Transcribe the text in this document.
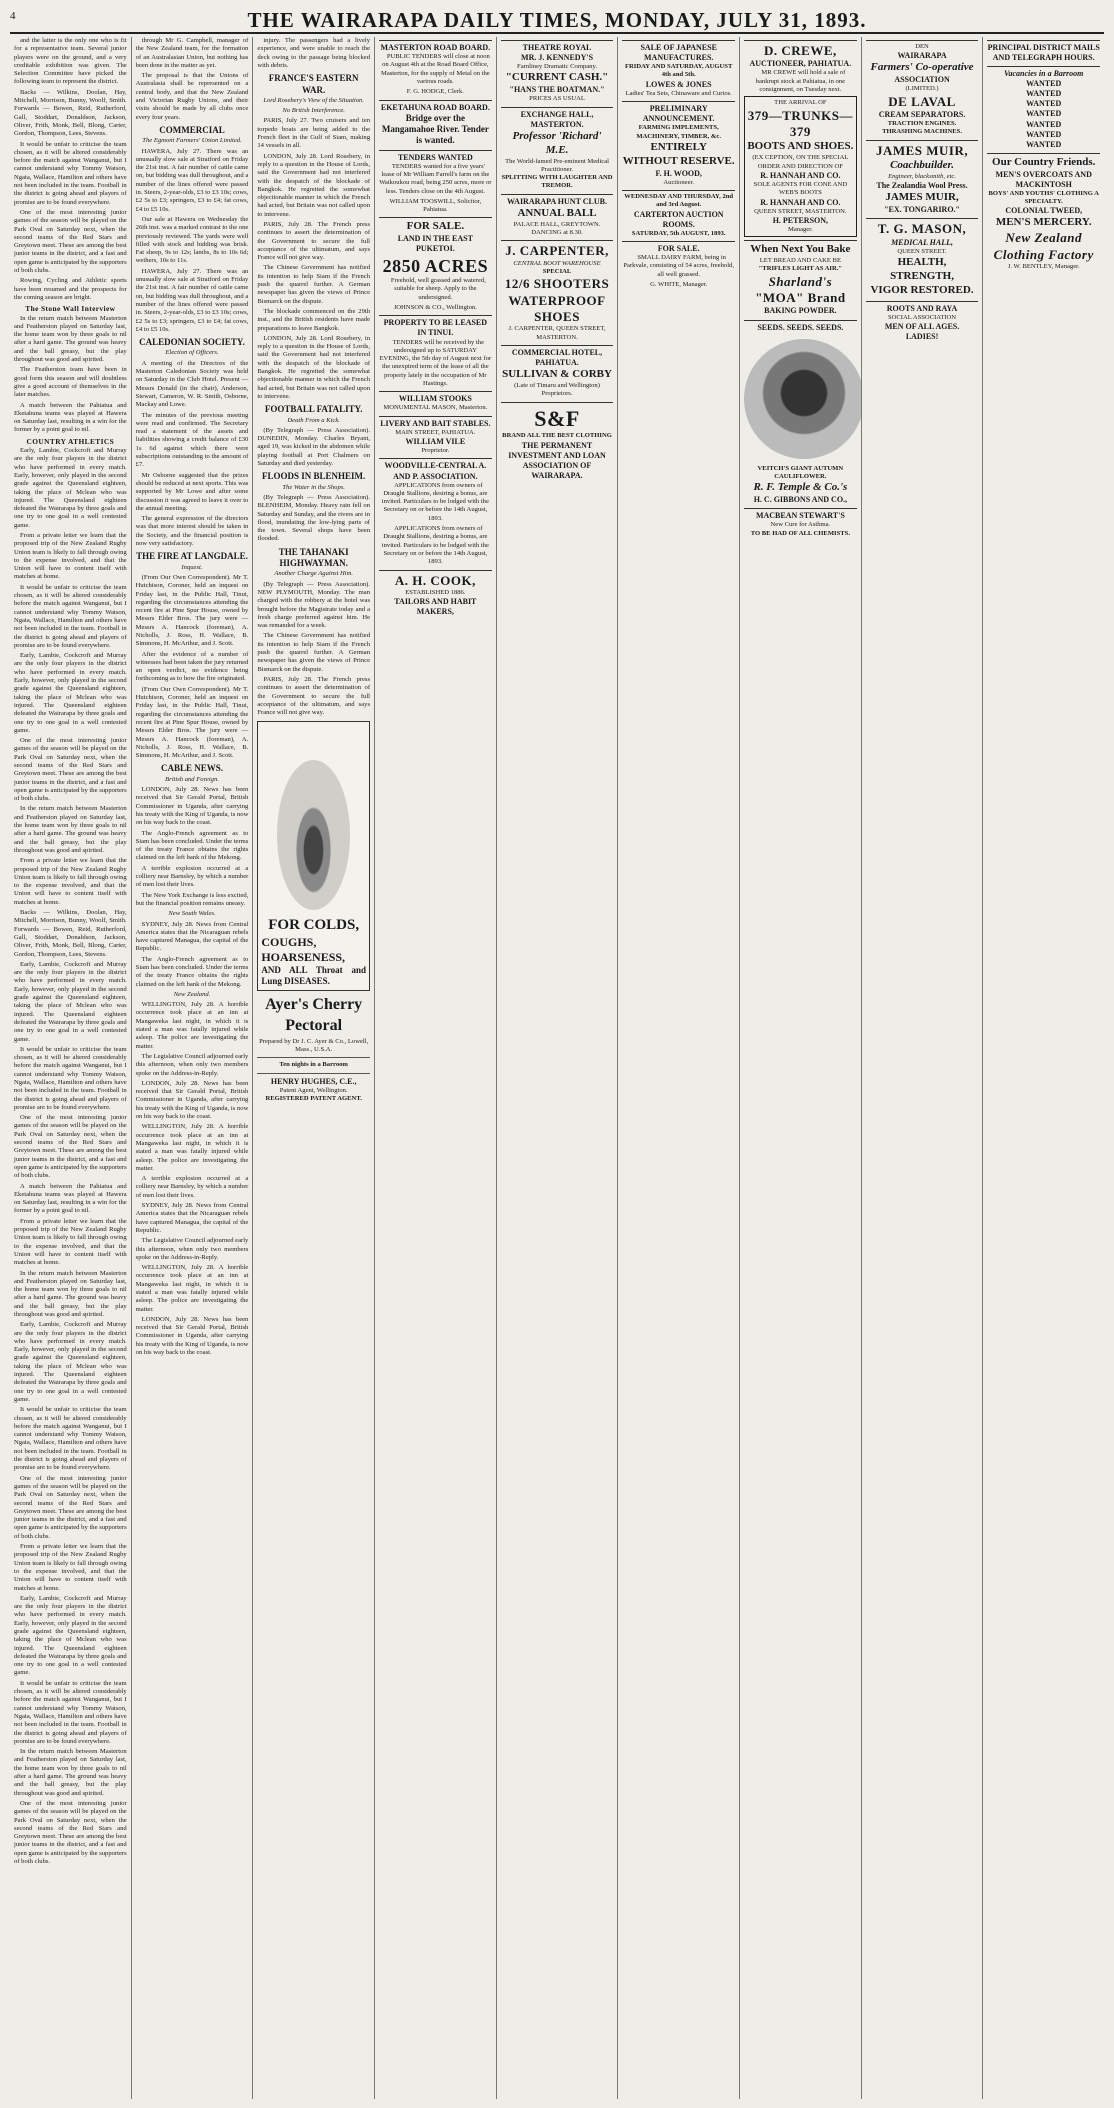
4	THE WAIRARAPA DAILY TIMES, MONDAY, JULY 31, 1893.

and the latter is the only one who is fit for a representative team. Several junior players were on the ground, and a very creditable exhibition was given. The Selection Committee have picked the following team to represent the district.

Backs — Wilkins, Doolan, Hay, Mitchell, Morrison, Bunny, Woolf, Smith. Forwards — Bowen, Reid, Rutherford, Gall, Stoddart, Donaldson, Jackson, Oliver, Frith, Monk, Bell, Blong, Carter, Gordon, Thompson, Lees, Stevens.

It would be unfair to criticise the team chosen, as it will be altered considerably before the match against Wanganui, but I cannot understand why Tommy Watson, Ngata, Wallace, Hamilton and others have not been included in the team. Football in the district is going ahead and players of promise are to be found everywhere.

One of the most interesting junior games of the season will be played on the Park Oval on Saturday next, when the second teams of the Red Stars and Greytown meet. These are among the best junior teams in the district, and a fast and open game is anticipated by the supporters of both clubs.

Rowing, Cycling and Athletic sports have been resumed and the prospects for the coming season are bright.

The Stone Wall Interview

In the return match between Masterton and Featherston played on Saturday last, the home team won by three goals to nil after a hard game. The ground was heavy and the ball greasy, but the play throughout was good and spirited.

The Featherston team have been in good form this season and will doubtless give a good account of themselves in the later matches.

A match between the Pahiatua and Eketahuna teams was played at Hawera on Saturday last, resulting in a win for the former by a point goal to nil.

COUNTRY ATHLETICS

Early, Lambie, Cockcroft and Murray are the only four players in the district who have performed in every match. Early, however, only played in the second grade against the Queensland eighteen, taking the place of Mclean who was injured. The Queensland eighteen defeated the Wairarapa by three goals and one try to one goal in a well contested game.

From a private letter we learn that the proposed trip of the New Zealand Rugby Union team is likely to fall through owing to the expense involved, and that the Union will have to content itself with matches at home.

It would be unfair to criticise the team chosen, as it will be altered considerably before the match against Wanganui, but I cannot understand why Tommy Watson, Ngata, Wallace, Hamilton and others have not been included in the team. Football in the district is going ahead and players of promise are to be found everywhere.

Early, Lambie, Cockcroft and Murray are the only four players in the district who have performed in every match. Early, however, only played in the second grade against the Queensland eighteen, taking the place of Mclean who was injured. The Queensland eighteen defeated the Wairarapa by three goals and one try to one goal in a well contested game.

One of the most interesting junior games of the season will be played on the Park Oval on Saturday next, when the second teams of the Red Stars and Greytown meet. These are among the best junior teams in the district, and a fast and open game is anticipated by the supporters of both clubs.

In the return match between Masterton and Featherston played on Saturday last, the home team won by three goals to nil after a hard game. The ground was heavy and the ball greasy, but the play throughout was good and spirited.

From a private letter we learn that the proposed trip of the New Zealand Rugby Union team is likely to fall through owing to the expense involved, and that the Union will have to content itself with matches at home.

Backs — Wilkins, Doolan, Hay, Mitchell, Morrison, Bunny, Woolf, Smith. Forwards — Bowen, Reid, Rutherford, Gall, Stoddart, Donaldson, Jackson, Oliver, Frith, Monk, Bell, Blong, Carter, Gordon, Thompson, Lees, Stevens.

Early, Lambie, Cockcroft and Murray are the only four players in the district who have performed in every match. Early, however, only played in the second grade against the Queensland eighteen, taking the place of Mclean who was injured. The Queensland eighteen defeated the Wairarapa by three goals and one try to one goal in a well contested game.

It would be unfair to criticise the team chosen, as it will be altered considerably before the match against Wanganui, but I cannot understand why Tommy Watson, Ngata, Wallace, Hamilton and others have not been included in the team. Football in the district is going ahead and players of promise are to be found everywhere.

One of the most interesting junior games of the season will be played on the Park Oval on Saturday next, when the second teams of the Red Stars and Greytown meet. These are among the best junior teams in the district, and a fast and open game is anticipated by the supporters of both clubs.

A match between the Pahiatua and Eketahuna teams was played at Hawera on Saturday last, resulting in a win for the former by a point goal to nil.

From a private letter we learn that the proposed trip of the New Zealand Rugby Union team is likely to fall through owing to the expense involved, and that the Union will have to content itself with matches at home.

In the return match between Masterton and Featherston played on Saturday last, the home team won by three goals to nil after a hard game. The ground was heavy and the ball greasy, but the play throughout was good and spirited.

Early, Lambie, Cockcroft and Murray are the only four players in the district who have performed in every match. Early, however, only played in the second grade against the Queensland eighteen, taking the place of Mclean who was injured. The Queensland eighteen defeated the Wairarapa by three goals and one try to one goal in a well contested game.

It would be unfair to criticise the team chosen, as it will be altered considerably before the match against Wanganui, but I cannot understand why Tommy Watson, Ngata, Wallace, Hamilton and others have not been included in the team. Football in the district is going ahead and players of promise are to be found everywhere.

One of the most interesting junior games of the season will be played on the Park Oval on Saturday next, when the second teams of the Red Stars and Greytown meet. These are among the best junior teams in the district, and a fast and open game is anticipated by the supporters of both clubs.

From a private letter we learn that the proposed trip of the New Zealand Rugby Union team is likely to fall through owing to the expense involved, and that the Union will have to content itself with matches at home.

Early, Lambie, Cockcroft and Murray are the only four players in the district who have performed in every match. Early, however, only played in the second grade against the Queensland eighteen, taking the place of Mclean who was injured. The Queensland eighteen defeated the Wairarapa by three goals and one try to one goal in a well contested game.

It would be unfair to criticise the team chosen, as it will be altered considerably before the match against Wanganui, but I cannot understand why Tommy Watson, Ngata, Wallace, Hamilton and others have not been included in the team. Football in the district is going ahead and players of promise are to be found everywhere.

In the return match between Masterton and Featherston played on Saturday last, the home team won by three goals to nil after a hard game. The ground was heavy and the ball greasy, but the play throughout was good and spirited.

One of the most interesting junior games of the season will be played on the Park Oval on Saturday next, when the second teams of the Red Stars and Greytown meet. These are among the best junior teams in the district, and a fast and open game is anticipated by the supporters of both clubs.

through Mr G. Campbell, manager of the New Zealand team, for the formation of an Australasian Union, but nothing has been done in the matter as yet.

The proposal is that the Unions of Australasia shall be represented on a central body, and that the New Zealand and Victorian Rugby Unions, and their visits should be made by all clubs once every four years.

COMMERCIAL
The Egmont Farmers' Union Limited.

HAWERA, July 27. There was an unusually slow sale at Stratford on Friday the 21st inst. A fair number of cattle came on, but bidding was dull throughout, and a number of the lines offered were passed in. Steers, 2-year-olds, £3 to £3 10s; cows, £2 5s to £3; springers, £3 to £4; fat cows, £4 to £5 10s.

Our sale at Hawera on Wednesday the 26th inst. was a marked contrast to the one previously reviewed. The yards were well filled with stock and bidding was brisk. Fat sheep, 9s to 12s; lambs, 8s to 10s 6d; wethers, 10s to 11s.

HAWERA, July 27. There was an unusually slow sale at Stratford on Friday the 21st inst. A fair number of cattle came on, but bidding was dull throughout, and a number of the lines offered were passed in. Steers, 2-year-olds, £3 to £3 10s; cows, £2 5s to £3; springers, £3 to £4; fat cows, £4 to £5 10s.

CALEDONIAN SOCIETY.
Election of Officers.

A meeting of the Directors of the Masterton Caledonian Society was held on Saturday in the Club Hotel. Present — Messrs Donald (in the chair), Anderson, Stewart, Cameron, W. R. Smith, Osborne, Mackay and Lowe.

The minutes of the previous meeting were read and confirmed. The Secretary read a statement of the assets and liabilities showing a credit balance of £30 1s 6d against which there were subscriptions outstanding to the amount of £7.

Mr Osborne suggested that the prizes should be reduced at next sports. This was supported by Mr Lowe and after some discussion it was agreed to leave it over to the annual meeting.

The general expression of the directors was that more interest should be taken in the Society, and the financial position is now very satisfactory.

THE FIRE AT LANGDALE.
Inquest.

(From Our Own Correspondent). Mr T. Hutchison, Coroner, held an inquest on Friday last, in the Public Hall, Tinui, regarding the circumstances attending the recent fire at Pine Spur House, owned by Messrs Elder Bros. The jury were — Messrs A. Hancock (foreman), A. Nicholls, J. Ross, H. Wallace, B. Simmons, H. McArthur, and J. Scott.

After the evidence of a number of witnesses had been taken the jury returned an open verdict, no evidence being forthcoming as to how the fire originated.

(From Our Own Correspondent). Mr T. Hutchison, Coroner, held an inquest on Friday last, in the Public Hall, Tinui, regarding the circumstances attending the recent fire at Pine Spur House, owned by Messrs Elder Bros. The jury were — Messrs A. Hancock (foreman), A. Nicholls, J. Ross, H. Wallace, B. Simmons, H. McArthur, and J. Scott.

CABLE NEWS.
British and Foreign.

LONDON, July 28. News has been received that Sir Gerald Portal, British Commissioner in Uganda, after carrying his treaty with the King of Uganda, is now on his way back to the coast.

The Anglo-French agreement as to Siam has been concluded. Under the terms of the treaty France obtains the rights claimed on the left bank of the Mekong.

A terrible explosion occurred at a colliery near Barnsley, by which a number of men lost their lives.

The New York Exchange is less excited, but the financial position remains uneasy.

New South Wales.

SYDNEY, July 28. News from Central America states that the Nicaraguan rebels have captured Managua, the capital of the Republic.

The Anglo-French agreement as to Siam has been concluded. Under the terms of the treaty France obtains the rights claimed on the left bank of the Mekong.

New Zealand.

WELLINGTON, July 28. A horrible occurrence took place at an inn at Mangaweka last night, in which it is stated a man was fatally injured while asleep. The police are investigating the matter.

The Legislative Council adjourned early this afternoon, when only two members spoke on the Address-in-Reply.

LONDON, July 28. News has been received that Sir Gerald Portal, British Commissioner in Uganda, after carrying his treaty with the King of Uganda, is now on his way back to the coast.

WELLINGTON, July 28. A horrible occurrence took place at an inn at Mangaweka last night, in which it is stated a man was fatally injured while asleep. The police are investigating the matter.

A terrible explosion occurred at a colliery near Barnsley, by which a number of men lost their lives.

SYDNEY, July 28. News from Central America states that the Nicaraguan rebels have captured Managua, the capital of the Republic.

The Legislative Council adjourned early this afternoon, when only two members spoke on the Address-in-Reply.

WELLINGTON, July 28. A horrible occurrence took place at an inn at Mangaweka last night, in which it is stated a man was fatally injured while asleep. The police are investigating the matter.

LONDON, July 28. News has been received that Sir Gerald Portal, British Commissioner in Uganda, after carrying his treaty with the King of Uganda, is now on his way back to the coast.

injury. The passengers had a lively experience, and were unable to reach the deck owing to the passage being blocked with debris.

FRANCE'S EASTERN WAR.
Lord Rosebery's View of the Situation.
No British Interference.

PARIS, July 27. Two cruisers and ten torpedo boats are being added to the French fleet in the Gulf of Siam, making 14 vessels in all.

LONDON, July 28. Lord Rosebery, in reply to a question in the House of Lords, said the Government had not interfered with the despatch of the blockade of Bangkok. He regretted the somewhat objectionable manner in which the French had acted, but Britain was not called upon to intervene.

PARIS, July 28. The French press continues to assert the determination of the Government to secure the full acceptance of the ultimatum, and says France will not give way.

The Chinese Government has notified its intention to help Siam if the French push the quarrel further. A German newspaper has given the views of Prince Bismarck on the dispute.

The blockade commenced on the 29th inst., and the British residents have made preparations to leave Bangkok.

LONDON, July 28. Lord Rosebery, in reply to a question in the House of Lords, said the Government had not interfered with the despatch of the blockade of Bangkok. He regretted the somewhat objectionable manner in which the French had acted, but Britain was not called upon to intervene.

FOOTBALL FATALITY.
Death From a Kick.

(By Telegraph — Press Association). DUNEDIN, Monday. Charles Bryant, aged 19, was kicked in the abdomen while playing football at Port Chalmers on Saturday and died yesterday.

FLOODS IN BLENHEIM.
The Water in the Shops.

(By Telegraph — Press Association). BLENHEIM, Monday. Heavy rain fell on Saturday and Sunday, and the rivers are in flood, inundating the low-lying parts of the town. Several shops have been flooded.

THE TAHANAKI HIGHWAYMAN.
Another Charge Against Him.

(By Telegraph — Press Association). NEW PLYMOUTH, Monday. The man charged with the robbery at the hotel was brought before the Magistrate today and a fresh charge preferred against him. He was remanded for a week.

The Chinese Government has notified its intention to help Siam if the French push the quarrel further. A German newspaper has given the views of Prince Bismarck on the dispute.

PARIS, July 28. The French press continues to assert the determination of the Government to secure the full acceptance of the ultimatum, and says France will not give way.

FOR COLDS,
COUGHS, HOARSENESS,
AND ALL Throat and Lung DISEASES.
Ayer's Cherry Pectoral
Prepared by Dr J. C. Ayer & Co., Lowell, Mass., U.S.A.
Ten nights in a Barroom
HENRY HUGHES, C.E.,
Patent Agent, Wellington.
REGISTERED PATENT AGENT.
MASTERTON ROAD BOARD.

PUBLIC TENDERS will close at noon on August 4th at the Road Board Office, Masterton, for the supply of Metal on the various roads.

F. G. HODGE, Clerk.
EKETAHUNA ROAD BOARD.
Bridge over the Mangamahoe River. Tender is wanted.
TENDERS WANTED

TENDERS wanted for a five years' lease of Mr William Farrell's farm on the Waikoukou road, being 250 acres, more or less. Tenders close on the 4th August.

WILLIAM TOOSWILL, Solicitor, Pahiatua.
FOR SALE.
LAND IN THE EAST PUKETOI.
2850 ACRES

Freehold, well grassed and watered, suitable for sheep. Apply to the undersigned.

JOHNSON & CO., Wellington.
PROPERTY TO BE LEASED IN TINUI.

TENDERS will be received by the undersigned up to SATURDAY EVENING, the 5th day of August next for the unexpired term of the lease of all the property lately in the occupation of Mr Hastings.

WILLIAM STOOKS
MONUMENTAL MASON, Masterton.
LIVERY AND BAIT STABLES.
MAIN STREET, PAHIATUA.
WILLIAM VILE
Proprietor.
WOODVILLE-CENTRAL A. AND P. ASSOCIATION.

APPLICATIONS from owners of Draught Stallions, desiring a bonus, are invited. Particulars to be lodged with the Secretary on or before the 14th August, 1893.

APPLICATIONS from owners of Draught Stallions, desiring a bonus, are invited. Particulars to be lodged with the Secretary on or before the 14th August, 1893.

A. H. COOK,
ESTABLISHED 1886.
TAILORS AND HABIT MAKERS,
THEATRE ROYAL
MR. J. KENNEDY'S
Farnliney Dramatic Company.
"CURRENT CASH."
"HANS THE BOATMAN."
PRICES AS USUAL
EXCHANGE HALL, MASTERTON.
Professor 'Richard' M.E.
The World-famed Pre-eminent Medical Practitioner.
SPLITTING WITH LAUGHTER AND TREMOR.
WAIRARAPA HUNT CLUB.
ANNUAL BALL
PALACE HALL, GREYTOWN.
DANCING at 8.30.
J. CARPENTER,
CENTRAL BOOT WAREHOUSE
SPECIAL
12/6 SHOOTERS WATERPROOF SHOES
J. CARPENTER, QUEEN STREET, MASTERTON.
COMMERCIAL HOTEL, PAHIATUA.
SULLIVAN & CORBY
(Late of Timaru and Wellington) Proprietors.
S&F
BRAND ALL THE BEST CLOTHING
THE PERMANENT INVESTMENT AND LOAN ASSOCIATION OF WAIRARAPA.
SALE OF JAPANESE MANUFACTURES.
FRIDAY AND SATURDAY, AUGUST 4th and 5th.
LOWES & JONES
Ladies' Tea Sets, Chinaware and Curios.
PRELIMINARY ANNOUNCEMENT.
FARMING IMPLEMENTS, MACHINERY, TIMBER, &c.
ENTIRELY WITHOUT RESERVE.
F. H. WOOD,
Auctioneer.
WEDNESDAY AND THURSDAY, 2nd and 3rd August.
CARTERTON AUCTION ROOMS.
SATURDAY, 5th AUGUST, 1893.
FOR SALE.

SMALL DAIRY FARM, being in Parkvale, consisting of 54 acres, freehold, all well grassed.

G. WHITE, Manager.
D. CREWE,
AUCTIONEER, PAHIATUA.

MR CREWE will hold a sale of bankrupt stock at Pahiatua, in one consignment, on Tuesday next.

THE ARRIVAL OF
379—TRUNKS—379
BOOTS AND SHOES.
(EX CEPTION, ON THE SPECIAL ORDER AND DIRECTION OF
R. HANNAH AND CO.
SOLE AGENTS FOR CONE AND WEB'S BOOTS
R. HANNAH AND CO.
QUEEN STREET, MASTERTON.
H. PETERSON,
Manager.
When Next You Bake
LET BREAD AND CAKE BE
"TRIFLES LIGHT AS AIR."
Sharland's
"MOA" Brand
BAKING POWDER.
SEEDS. SEEDS. SEEDS.
VEITCH'S GIANT AUTUMN CAULIFLOWER.
R. F. Temple & Co.'s
H. C. GIBBONS AND CO.,
MACBEAN STEWART'S
New Cure for Asthma.
TO BE HAD OF ALL CHEMISTS.
DEN
WAIRARAPA
Farmers' Co-operative
ASSOCIATION
(LIMITED.)
DE LAVAL
CREAM SEPARATORS.
TRACTION ENGINES.
THRASHING MACHINES.
JAMES MUIR,
Coachbuilder.
Engineer, blacksmith, etc.
The Zealandia Wool Press.
JAMES MUIR,
"EX. TONGARIRO."
T. G. MASON,
MEDICAL HALL,
QUEEN STREET.
HEALTH, STRENGTH,
VIGOR RESTORED.
ROOTS AND RAYA
SOCIAL ASSOCIATION
MEN OF ALL AGES.
LADIES!
PRINCIPAL DISTRICT MAILS AND TELEGRAPH HOURS.
Vacancies in a Barroom
WANTED
WANTED
WANTED
WANTED
WANTED
WANTED
WANTED
Our Country Friends.
MEN'S OVERCOATS AND MACKINTOSH
BOYS' AND YOUTHS' CLOTHING A SPECIALTY.
COLONIAL TWEED,
MEN'S MERCERY.
New Zealand
Clothing Factory
J. W. BENTLEY, Manager.
